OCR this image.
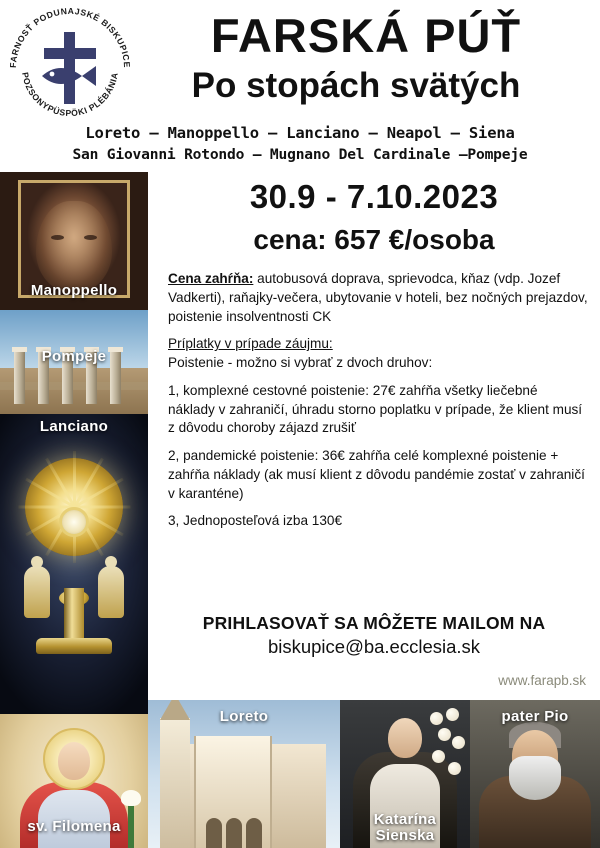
FARNOSŤ PODUNAJSKÉ BISKUPICE
POZSONYPÜSPÖKI PLÉBÁNIA
FARSKÁ PÚŤ
Po stopách svätých
Loreto – Manoppello – Lanciano – Neapol – Siena
San Giovanni Rotondo – Mugnano Del Cardinale –Pompeje
Manoppello
Pompeje
Lanciano
sv. Filomena
30.9 - 7.10.2023
cena: 657 €/osoba
Cena zahŕňa: autobusová doprava, sprievodca, kňaz (vdp. Jozef Vadkerti), raňajky-večera, ubytovanie v hoteli, bez nočných prejazdov, poistenie insolventnosti CK
Príplatky v prípade záujmu:
Poistenie - možno si vybrať z dvoch druhov:
1, komplexné cestovné poistenie: 27€ zahŕňa všetky liečebné náklady v zahraničí, úhradu storno poplatku v prípade, že klient musí z dôvodu choroby zájazd zrušiť
2, pandemické poistenie: 36€ zahŕňa celé komplexné poistenie + zahŕňa náklady (ak musí klient z dôvodu pandémie zostať v zahraničí v karanténe)
3, Jednoposteľová izba 130€
PRIHLASOVAŤ SA MÔŽETE MAILOM NA
biskupice@ba.ecclesia.sk
www.farapb.sk
Loreto
Katarína
Sienska
pater Pio
